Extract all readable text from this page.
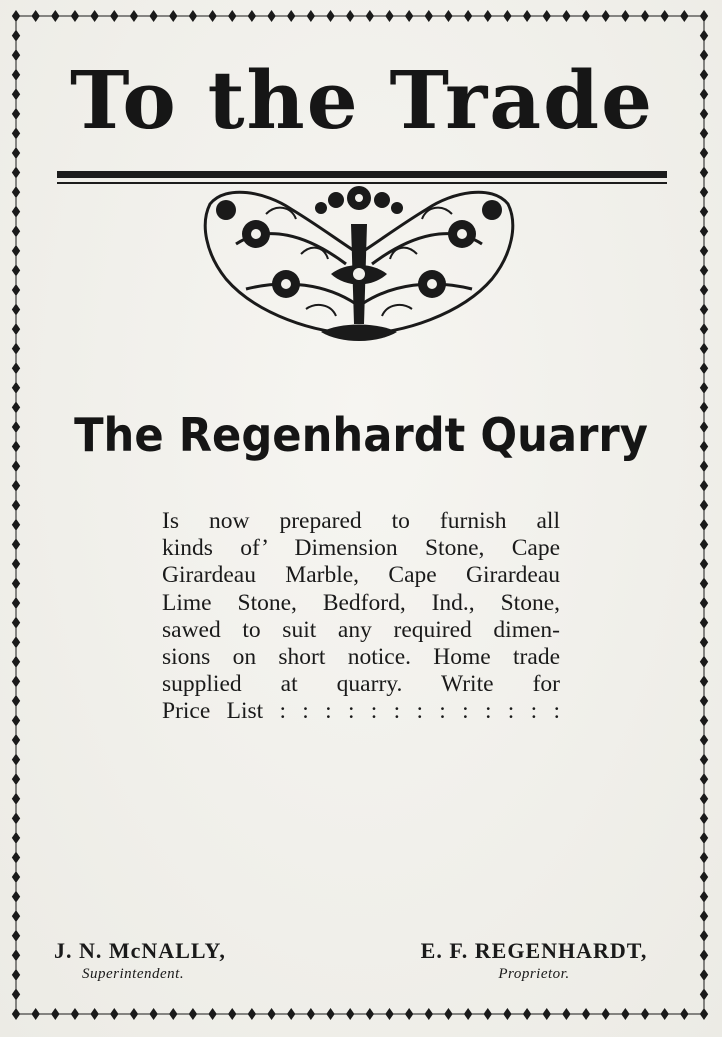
To the Trade
The Regenhardt Quarry
Is now prepared to furnish all
kinds of’ Dimension Stone, Cape
Girardeau Marble, Cape Girardeau
Lime Stone, Bedford, Ind., Stone,
sawed to suit any required dimen-
sions on short notice. Home trade
supplied at quarry. Write for
Price List : : : : : : : : : : : : :
J. N. McNALLY,
Superintendent.
E. F. REGENHARDT,
Proprietor.
